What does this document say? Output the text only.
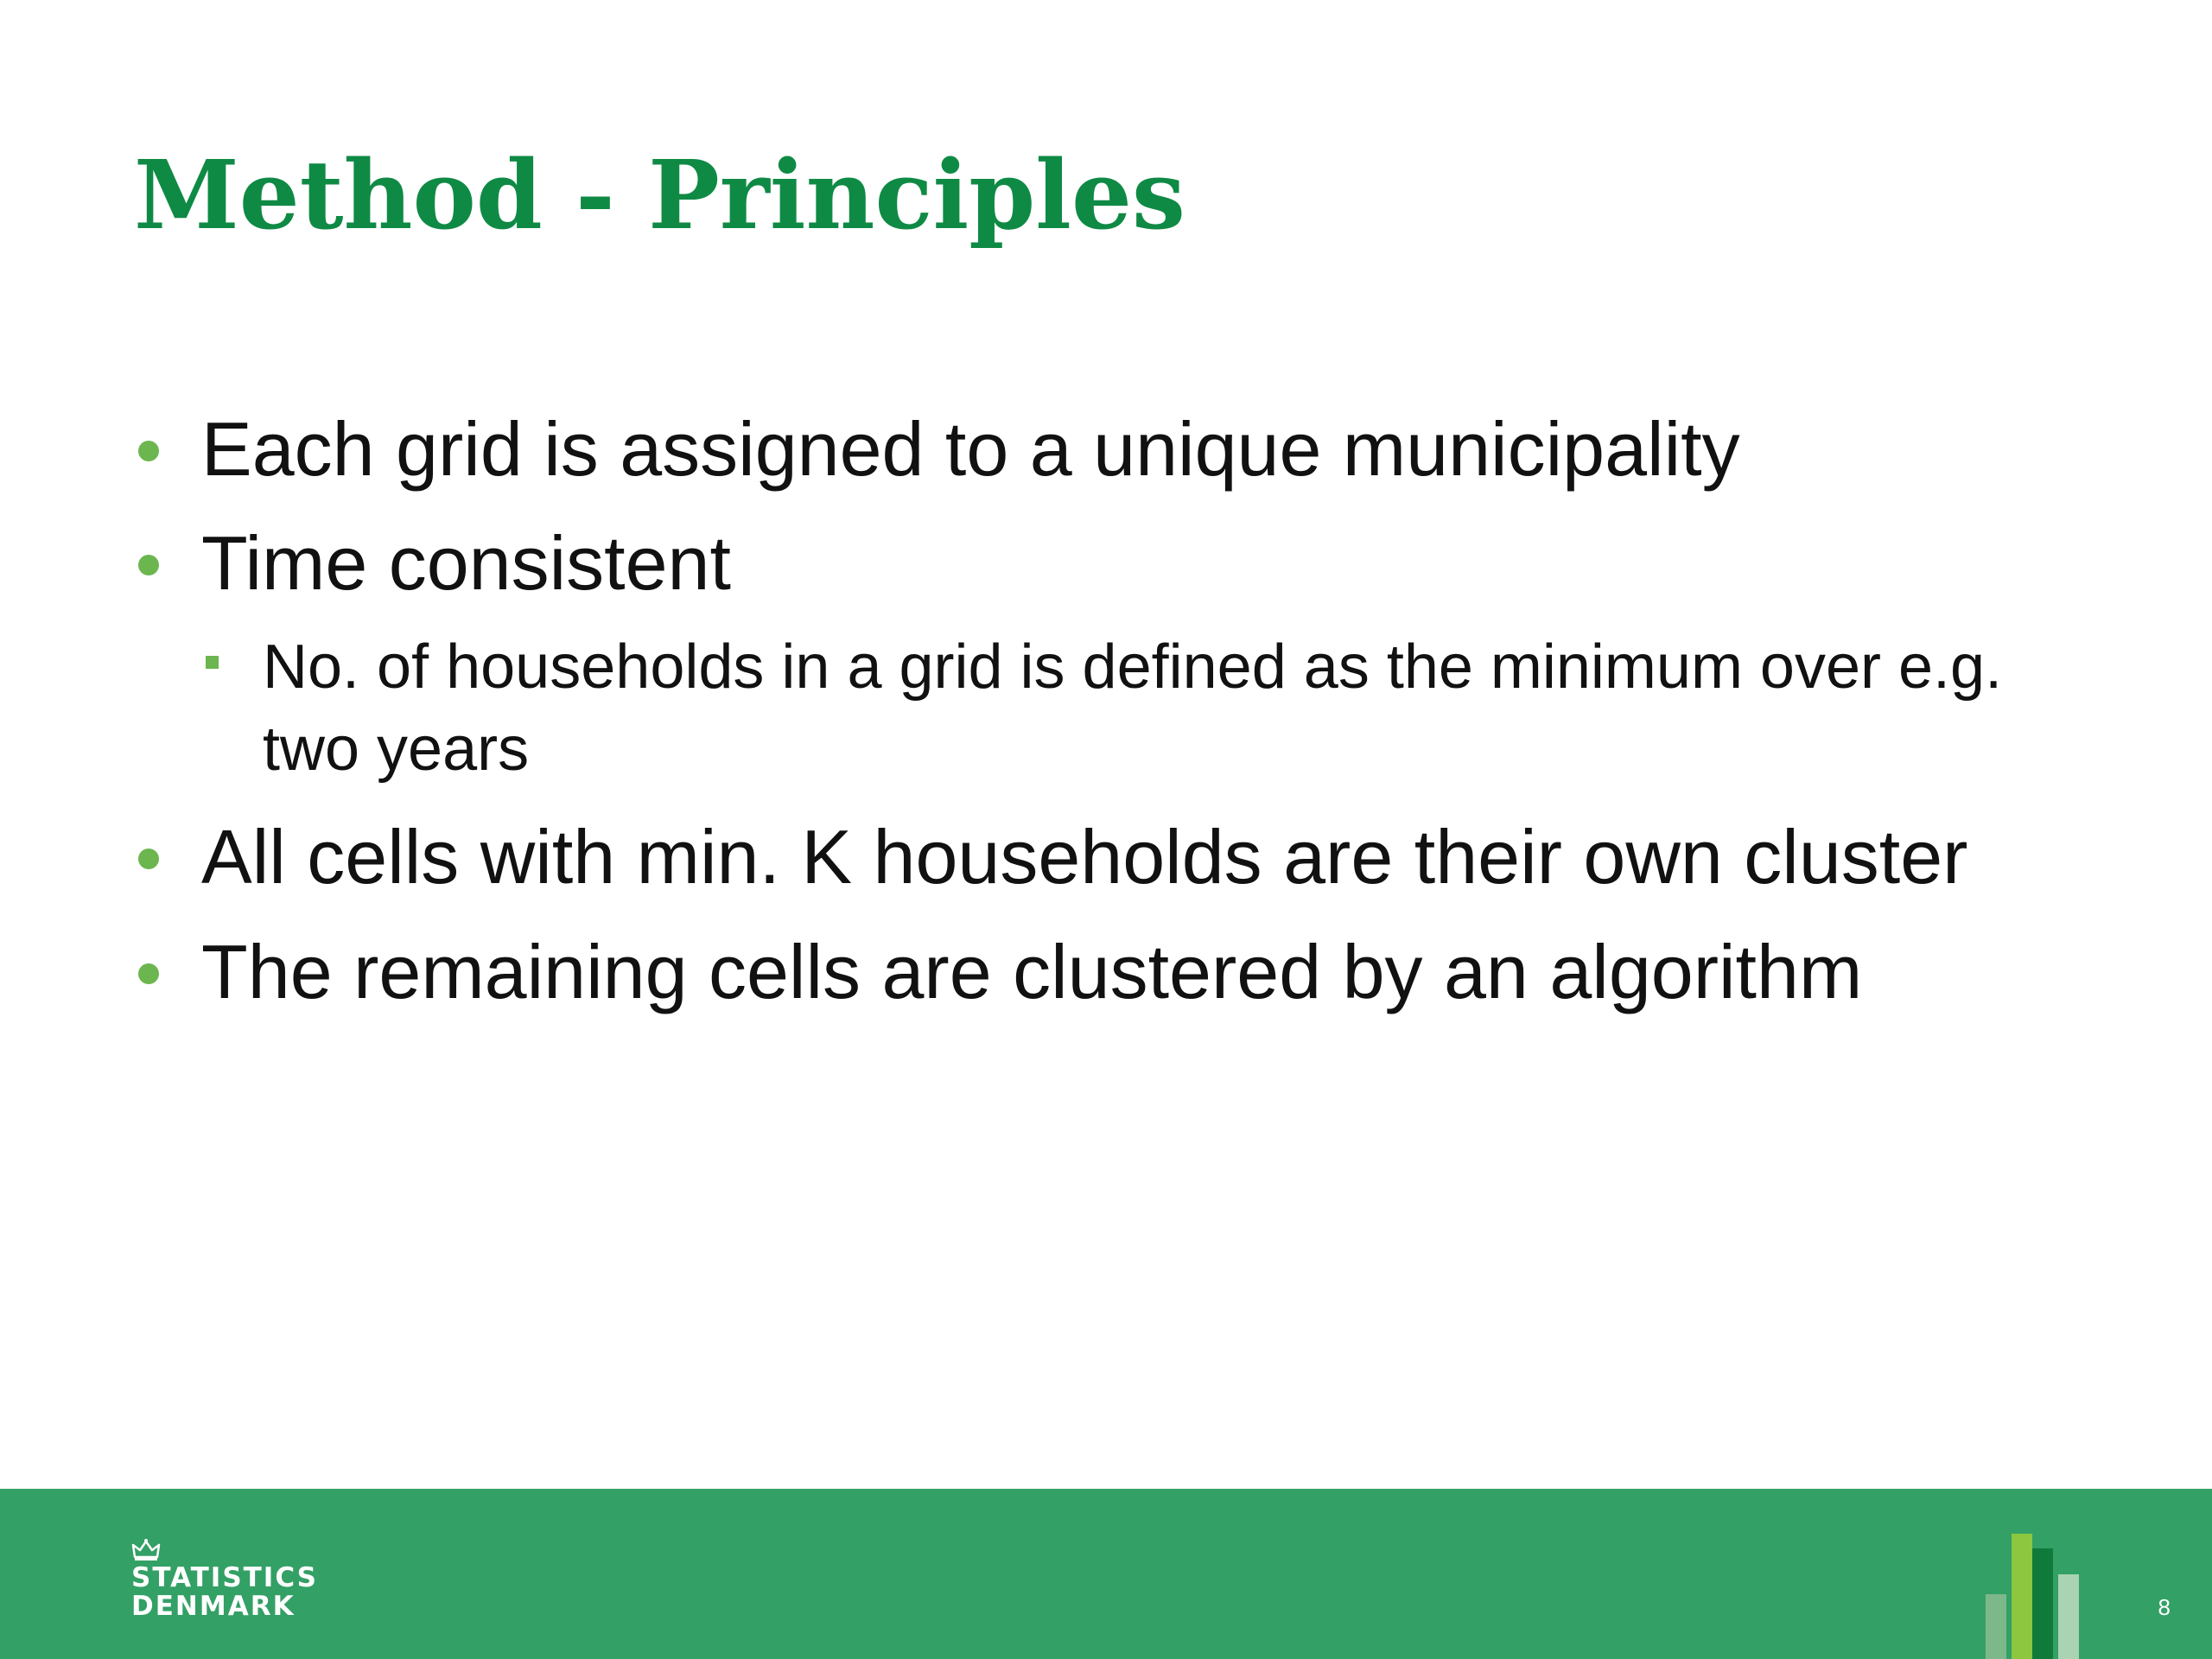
Method - Principles
Each grid is assigned to a unique municipality
Time consistent
No. of households in a grid is defined as the minimum over e.g. two years
All cells with min. K households are their own cluster
The remaining cells are clustered by an algorithm
STATISTICS
DENMARK	8
